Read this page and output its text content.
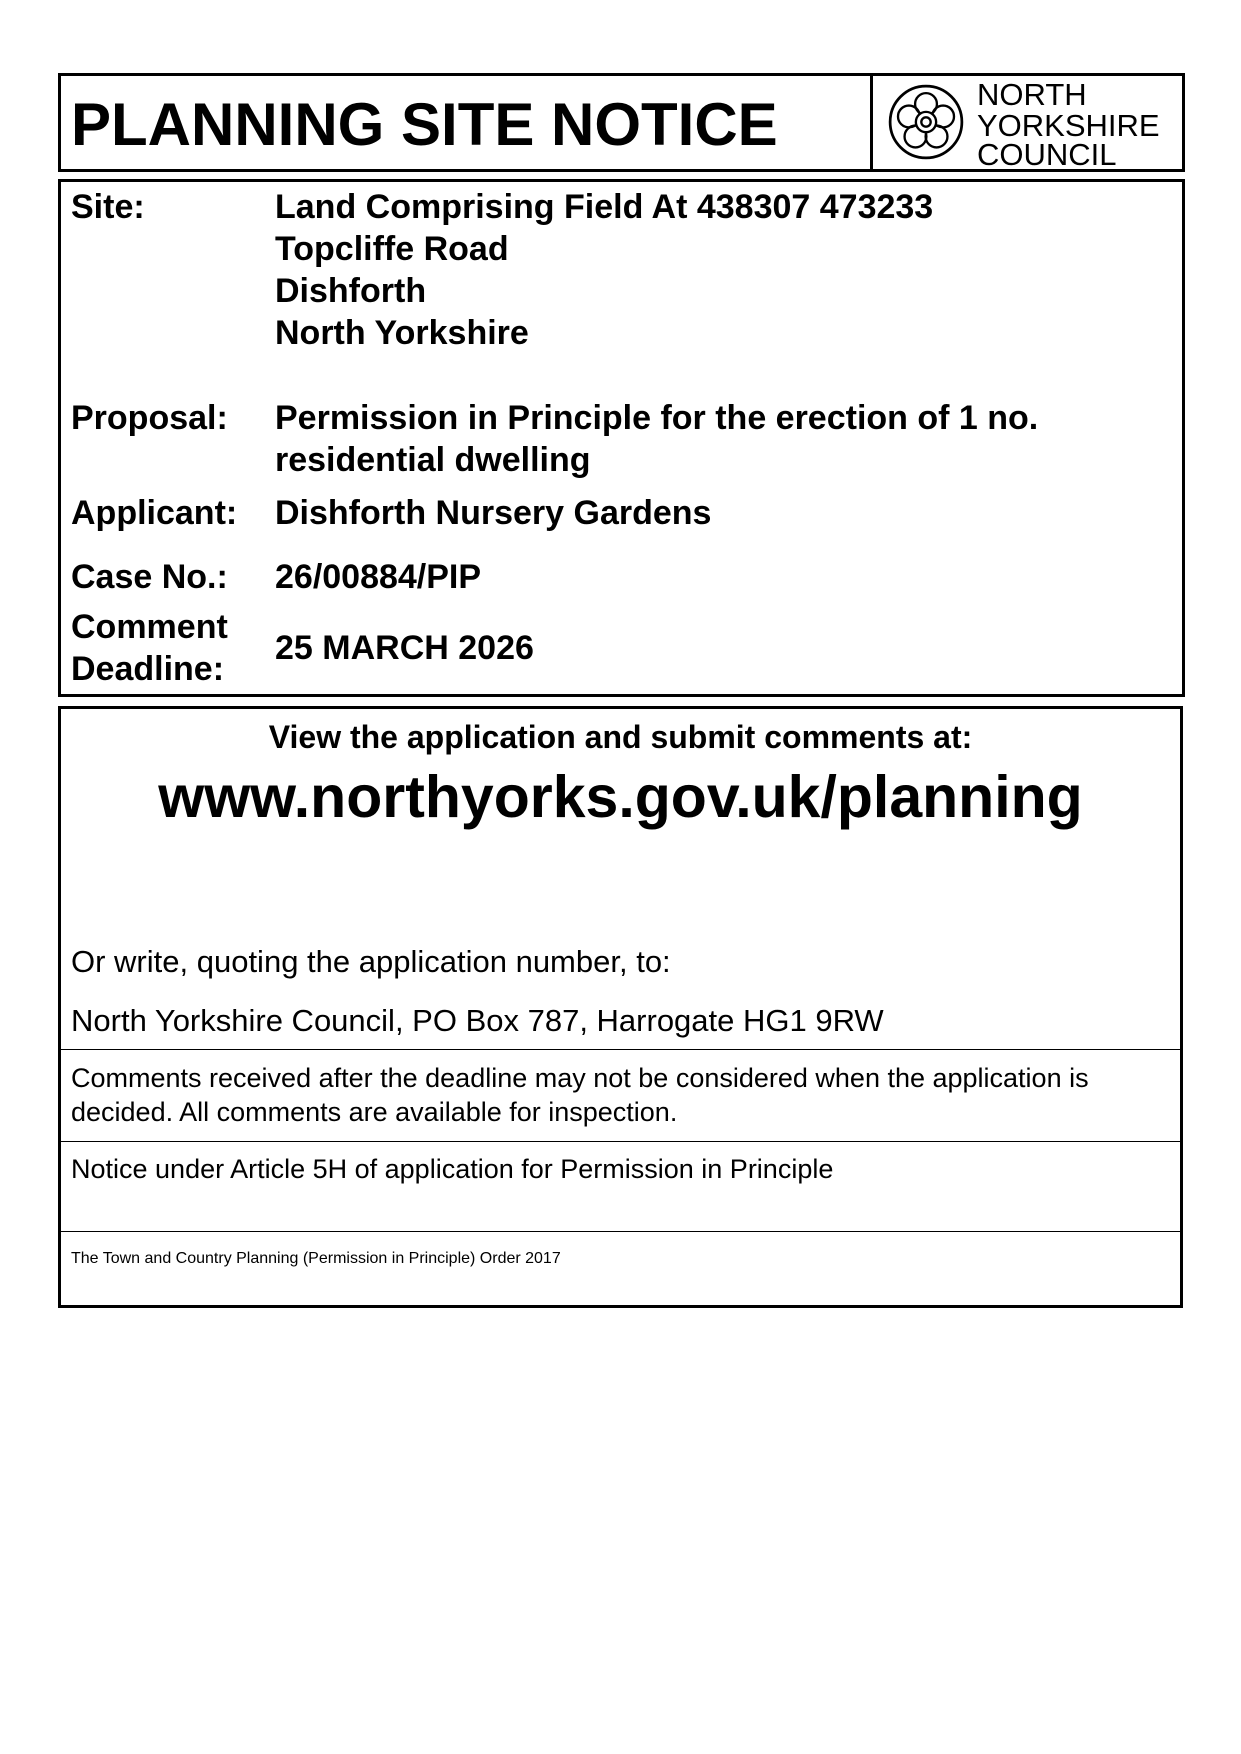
PLANNING SITE NOTICE	NORTH
YORKSHIRE
COUNCIL
Site:	Land Comprising Field At 438307 473233
Topcliffe Road
Dishforth
North Yorkshire
Proposal: Permission in Principle for the erection of 1 no.
residential dwelling
Applicant: Dishforth Nursery Gardens
Case No.: 26/00884/PIP
Comment
Deadline:
25 MARCH 2026
View the application and submit comments at:
www.northyorks.gov.uk/planning
Or write, quoting the application number, to:
North Yorkshire Council, PO Box 787, Harrogate HG1 9RW
Comments received after the deadline may not be considered when the application is
decided. All comments are available for inspection.
Notice under Article 5H of application for Permission in Principle
The Town and Country Planning (Permission in Principle) Order 2017
